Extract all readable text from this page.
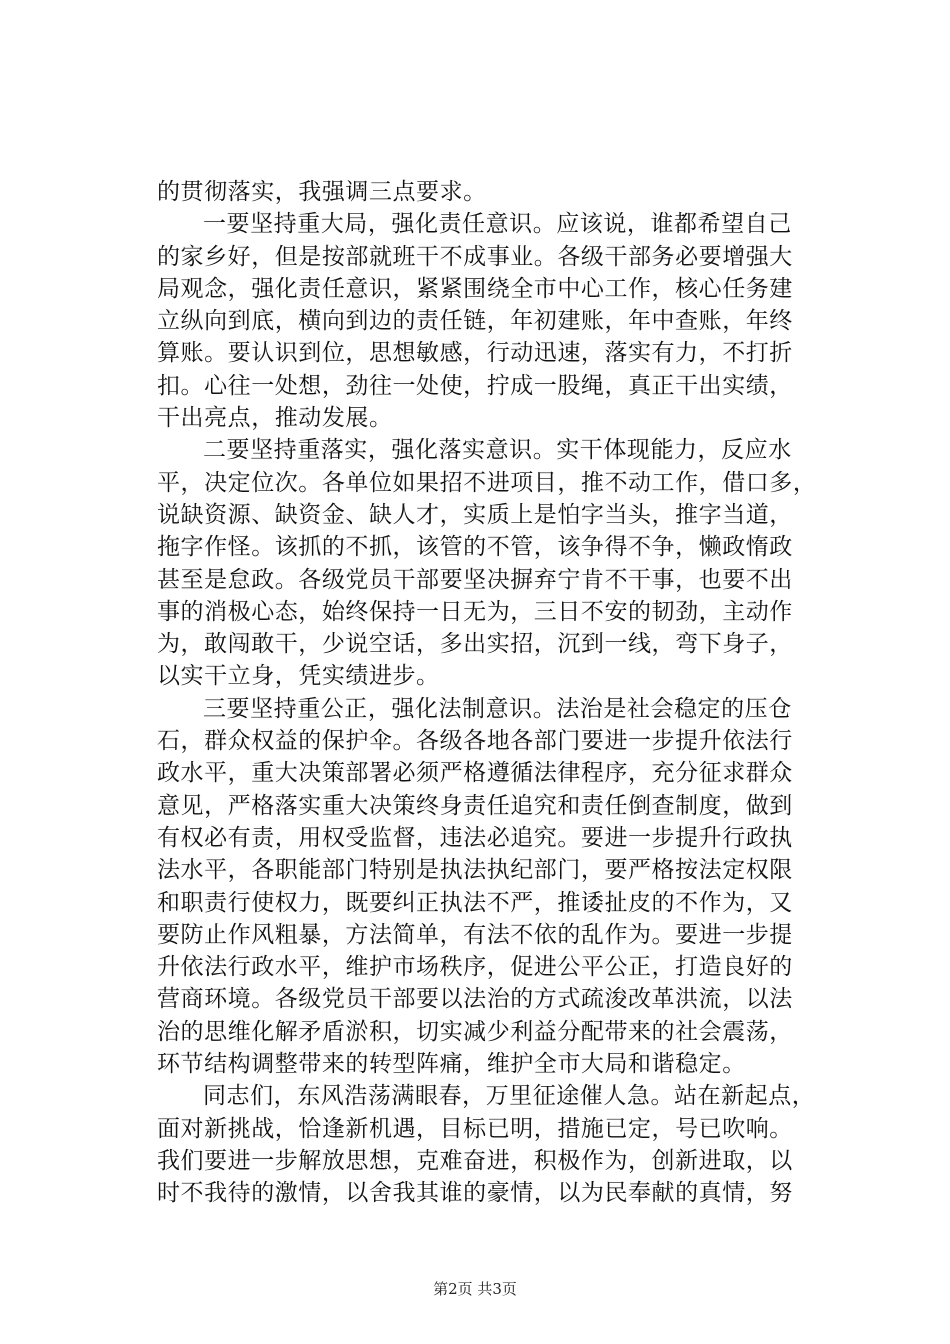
的贯彻落实，我强调三点要求。
一要坚持重大局，强化责任意识。应该说，谁都希望自己
的家乡好，但是按部就班干不成事业。各级干部务必要增强大
局观念，强化责任意识，紧紧围绕全市中心工作，核心任务建
立纵向到底，横向到边的责任链，年初建账，年中查账，年终
算账。要认识到位，思想敏感，行动迅速，落实有力，不打折
扣。心往一处想，劲往一处使，拧成一股绳，真正干出实绩，
干出亮点，推动发展。
二要坚持重落实，强化落实意识。实干体现能力，反应水
平，决定位次。各单位如果招不进项目，推不动工作，借口多，
说缺资源、缺资金、缺人才，实质上是怕字当头，推字当道，
拖字作怪。该抓的不抓，该管的不管，该争得不争，懒政惰政
甚至是怠政。各级党员干部要坚决摒弃宁肯不干事，也要不出
事的消极心态，始终保持一日无为，三日不安的韧劲，主动作
为，敢闯敢干，少说空话，多出实招，沉到一线，弯下身子，
以实干立身，凭实绩进步。
三要坚持重公正，强化法制意识。法治是社会稳定的压仓
石，群众权益的保护伞。各级各地各部门要进一步提升依法行
政水平，重大决策部署必须严格遵循法律程序，充分征求群众
意见，严格落实重大决策终身责任追究和责任倒查制度，做到
有权必有责，用权受监督，违法必追究。要进一步提升行政执
法水平，各职能部门特别是执法执纪部门，要严格按法定权限
和职责行使权力，既要纠正执法不严，推诿扯皮的不作为，又
要防止作风粗暴，方法简单，有法不依的乱作为。要进一步提
升依法行政水平，维护市场秩序，促进公平公正，打造良好的
营商环境。各级党员干部要以法治的方式疏浚改革洪流，以法
治的思维化解矛盾淤积，切实减少利益分配带来的社会震荡，
环节结构调整带来的转型阵痛，维护全市大局和谐稳定。
同志们，东风浩荡满眼春，万里征途催人急。站在新起点，
面对新挑战，恰逢新机遇，目标已明，措施已定，号已吹响。
我们要进一步解放思想，克难奋进，积极作为，创新进取，以
时不我待的激情，以舍我其谁的豪情，以为民奉献的真情，努
第2页 共3页
